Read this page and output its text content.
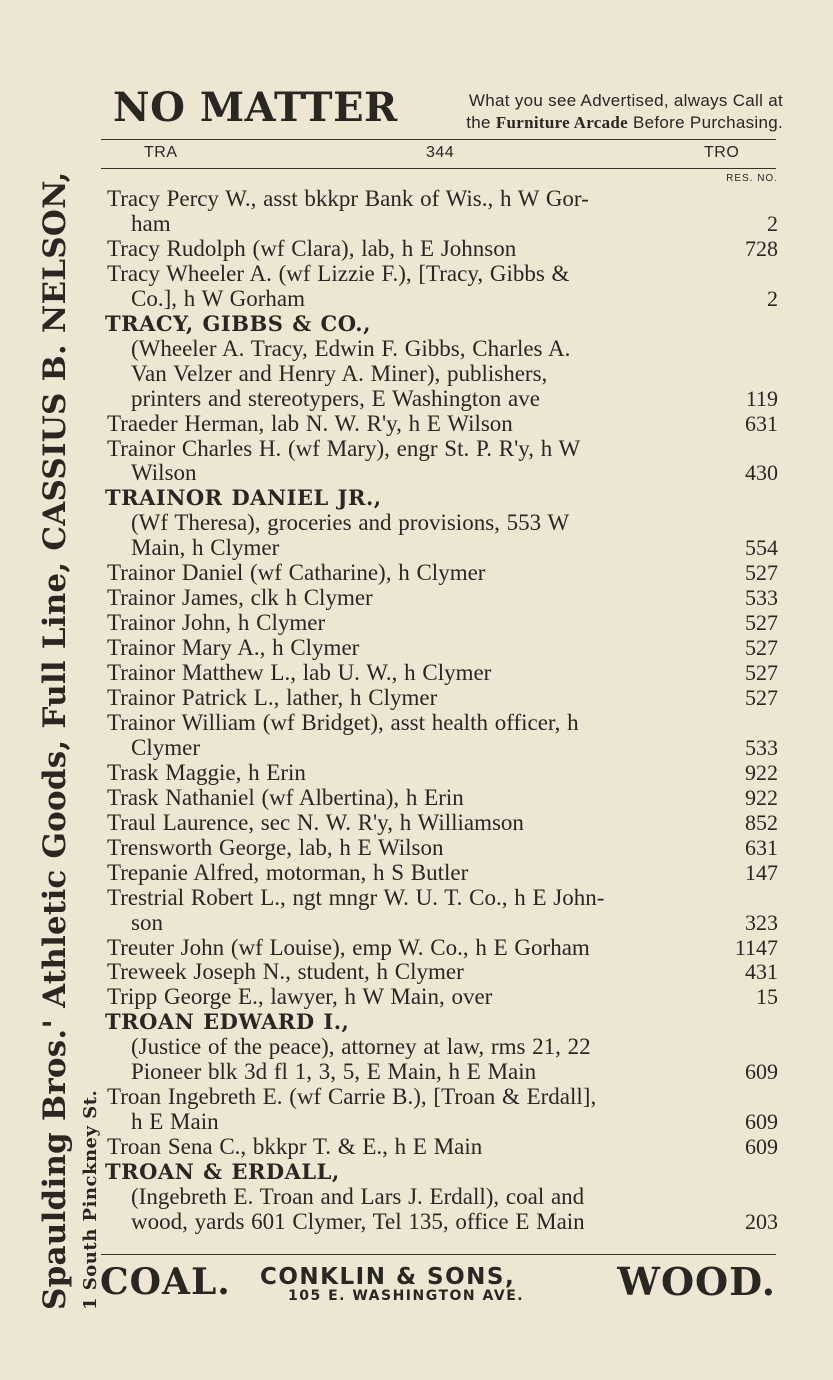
Spaulding Bros.' Athletic Goods, Full Line, CASSIUS B. NELSON, 1 South Pinckney St.
NO MATTER	What you see Advertised, always Call at
the Furniture Arcade Before Purchasing.
TRA	344	TRO
RES. NO.
Tracy Percy W., asst bkkpr Bank of Wis., h W Gor-
ham	2
Tracy Rudolph (wf Clara), lab, h E Johnson	728
Tracy Wheeler A. (wf Lizzie F.), [Tracy, Gibbs &
Co.], h W Gorham	2
TRACY, GIBBS & CO.,
(Wheeler A. Tracy, Edwin F. Gibbs, Charles A.
Van Velzer and Henry A. Miner), publishers,
printers and stereotypers, E Washington ave	119
Traeder Herman, lab N. W. R'y, h E Wilson	631
Trainor Charles H. (wf Mary), engr St. P. R'y, h W
Wilson	430
TRAINOR DANIEL JR.,
(Wf Theresa), groceries and provisions, 553 W
Main, h Clymer	554
Trainor Daniel (wf Catharine), h Clymer	527
Trainor James, clk h Clymer	533
Trainor John, h Clymer	527
Trainor Mary A., h Clymer	527
Trainor Matthew L., lab U. W., h Clymer	527
Trainor Patrick L., lather, h Clymer	527
Trainor William (wf Bridget), asst health officer, h
Clymer	533
Trask Maggie, h Erin	922
Trask Nathaniel (wf Albertina), h Erin	922
Traul Laurence, sec N. W. R'y, h Williamson	852
Trensworth George, lab, h E Wilson	631
Trepanie Alfred, motorman, h S Butler	147
Trestrial Robert L., ngt mngr W. U. T. Co., h E John-
son	323
Treuter John (wf Louise), emp W. Co., h E Gorham	1147
Treweek Joseph N., student, h Clymer	431
Tripp George E., lawyer, h W Main, over	15
TROAN EDWARD I.,
(Justice of the peace), attorney at law, rms 21, 22
Pioneer blk 3d fl 1, 3, 5, E Main, h E Main	609
Troan Ingebreth E. (wf Carrie B.), [Troan & Erdall],
h E Main	609
Troan Sena C., bkkpr T. & E., h E Main	609
TROAN & ERDALL,
(Ingebreth E. Troan and Lars J. Erdall), coal and
wood, yards 601 Clymer, Tel 135, office E Main	203
COAL. CONKLIN & SONS,
105 E. WASHINGTON AVE. WOOD.
